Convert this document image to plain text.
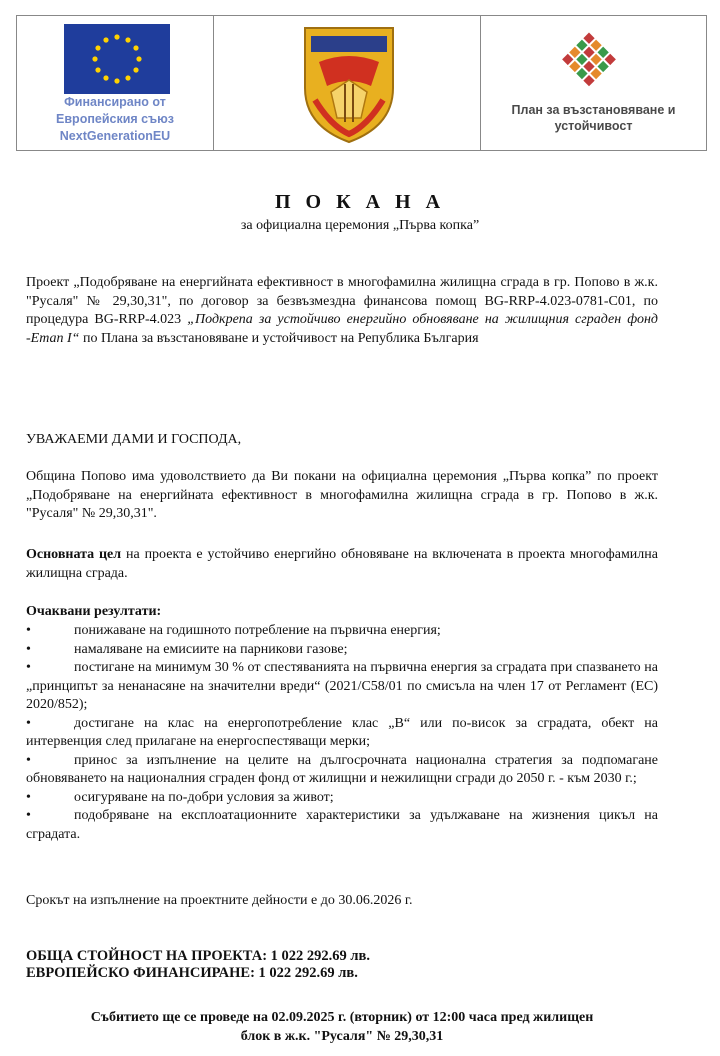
Финансирано от
Европейския съюз
NextGenerationEU
План за възстановяване и
устойчивост
П О К А Н А
за официална церемония „Първа копка”
Проект „Подобряване на енергийната ефективност в многофамилна жилищна сграда в гр. Попово в ж.к. "Русаля" № 29,30,31", по договор за безвъзмездна финансова помощ BG-RRP-4.023-0781-C01, по процедура BG-RRP-4.023 „Подкрепа за устойчиво енергийно обновяване на жилищния сграден фонд -Етап I“ по Плана за възстановяване и устойчивост на Република България
УВАЖАЕМИ ДАМИ И ГОСПОДА,
Община Попово има удоволствието да Ви покани на официална церемония „Първа копка” по проект „Подобряване на енергийната ефективност в многофамилна жилищна сграда в гр. Попово в ж.к. "Русаля" № 29,30,31".
Основната цел на проекта е устойчиво енергийно обновяване на включената в проекта многофамилна жилищна сграда.
Очаквани резултати:

•	понижаване на годишното потребление на първична енергия;

•	намаляване на емисиите на парникови газове;

•	постигане на минимум 30 % от спестяванията на първична енергия за сградата при спазването на „принципът за ненанасяне на значителни вреди“ (2021/C58/01 по смисъла на член 17 от Регламент (ЕС) 2020/852);

•	достигане на клас на енергопотребление клас „B“ или по-висок за сградата, обект на интервенция след прилагане на енергоспестяващи мерки;

•	принос за изпълнение на целите на дългосрочната национална стратегия за подпомагане обновяването на националния сграден фонд от жилищни и нежилищни сгради до 2050 г. - към 2030 г.;

•	осигуряване на по-добри условия за живот;

•	подобряване на експлоатационните характеристики за удължаване на жизнения цикъл на сградата.

Срокът на изпълнение на проектните дейности е до 30.06.2026 г.
ОБЩА СТОЙНОСТ НА ПРОЕКТА: 1 022 292.69 лв.
ЕВРОПЕЙСКО ФИНАНСИРАНЕ: 1 022 292.69 лв.
Събитието ще се проведе на 02.09.2025 г. (вторник) от 12:00 часа пред жилищен
блок в ж.к. "Русаля" № 29,30,31
